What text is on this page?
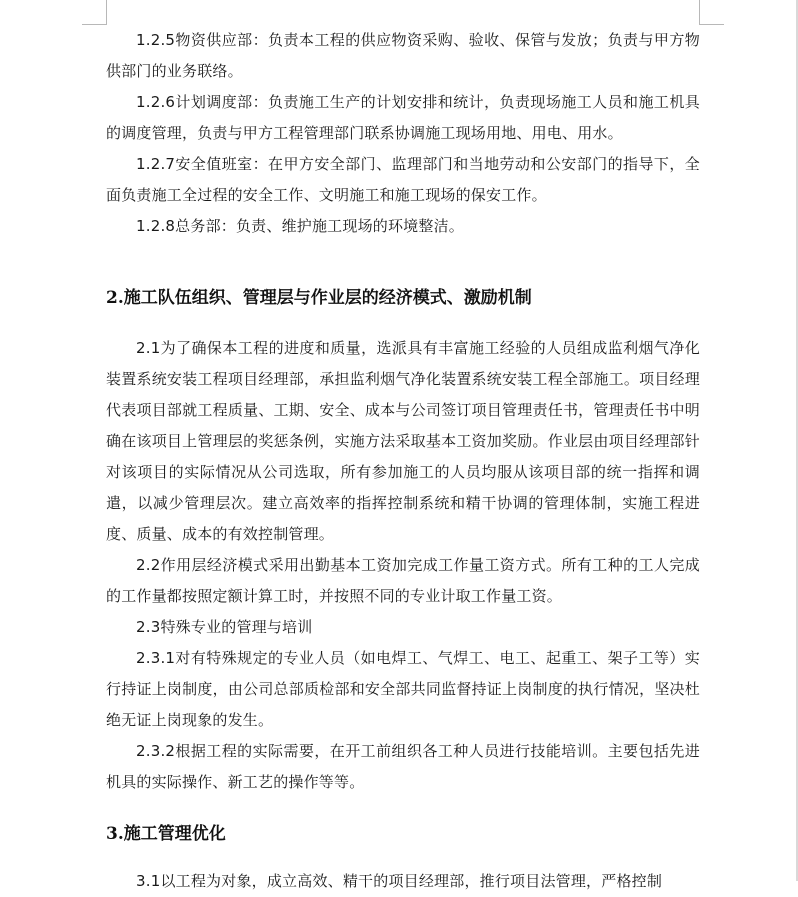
1.2.5物资供应部：负责本工程的供应物资采购、验收、保管与发放；负责与甲方物供部门的业务联络。

1.2.6计划调度部：负责施工生产的计划安排和统计，负责现场施工人员和施工机具的调度管理，负责与甲方工程管理部门联系协调施工现场用地、用电、用水。

1.2.7安全值班室：在甲方安全部门、监理部门和当地劳动和公安部门的指导下，全面负责施工全过程的安全工作、文明施工和施工现场的保安工作。

1.2.8总务部：负责、维护施工现场的环境整洁。

2.施工队伍组织、管理层与作业层的经济模式、激励机制

2.1为了确保本工程的进度和质量，选派具有丰富施工经验的人员组成监利烟气净化装置系统安装工程项目经理部，承担监利烟气净化装置系统安装工程全部施工。项目经理代表项目部就工程质量、工期、安全、成本与公司签订项目管理责任书，管理责任书中明确在该项目上管理层的奖惩条例，实施方法采取基本工资加奖励。作业层由项目经理部针对该项目的实际情况从公司选取，所有参加施工的人员均服从该项目部的统一指挥和调遣，以减少管理层次。建立高效率的指挥控制系统和精干协调的管理体制，实施工程进度、质量、成本的有效控制管理。

2.2作用层经济模式采用出勤基本工资加完成工作量工资方式。所有工种的工人完成的工作量都按照定额计算工时，并按照不同的专业计取工作量工资。

2.3特殊专业的管理与培训

2.3.1对有特殊规定的专业人员（如电焊工、气焊工、电工、起重工、架子工等）实行持证上岗制度，由公司总部质检部和安全部共同监督持证上岗制度的执行情况，坚决杜绝无证上岗现象的发生。

2.3.2根据工程的实际需要，在开工前组织各工种人员进行技能培训。主要包括先进机具的实际操作、新工艺的操作等等。

3.施工管理优化

3.1以工程为对象，成立高效、精干的项目经理部，推行项目法管理，严格控制
